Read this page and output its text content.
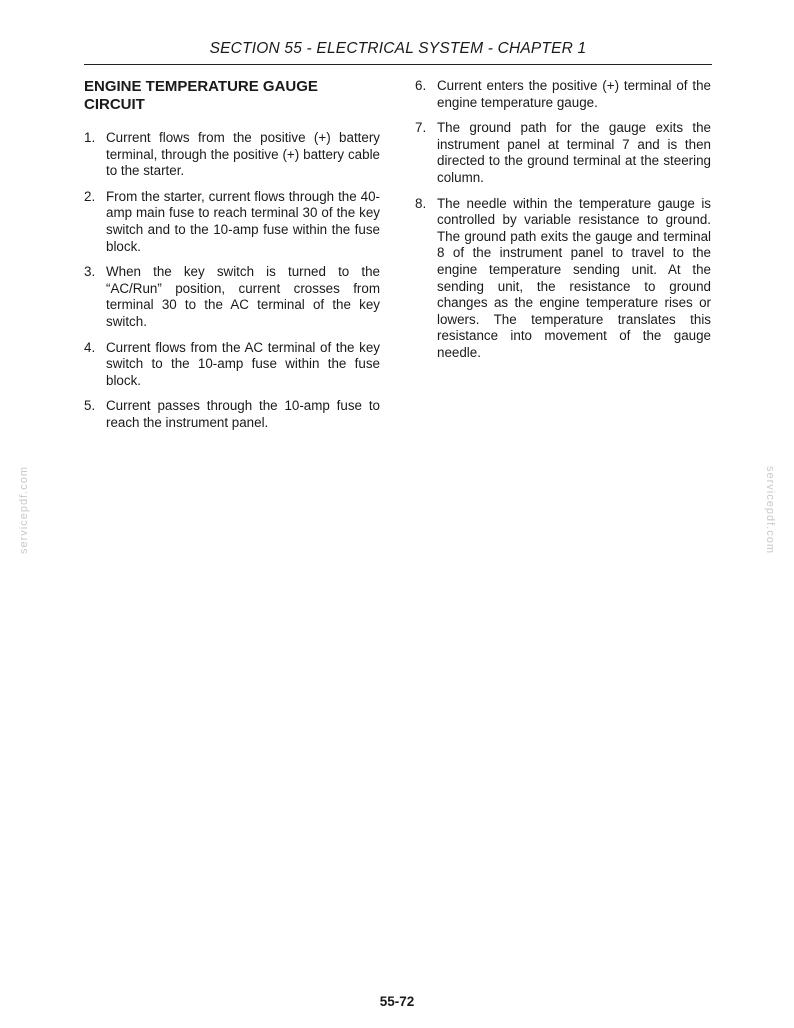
SECTION 55 - ELECTRICAL SYSTEM - CHAPTER 1
ENGINE TEMPERATURE GAUGE CIRCUIT
1. Current flows from the positive (+) battery terminal, through the positive (+) battery cable to the starter.
2. From the starter, current flows through the 40-amp main fuse to reach terminal 30 of the key switch and to the 10-amp fuse within the fuse block.
3. When the key switch is turned to the “AC/Run” position, current crosses from terminal 30 to the AC terminal of the key switch.
4. Current flows from the AC terminal of the key switch to the 10-amp fuse within the fuse block.
5. Current passes through the 10-amp fuse to reach the instrument panel.
6. Current enters the positive (+) terminal of the engine temperature gauge.
7. The ground path for the gauge exits the instrument panel at terminal 7 and is then directed to the ground terminal at the steering column.
8. The needle within the temperature gauge is controlled by variable resistance to ground. The ground path exits the gauge and terminal 8 of the instrument panel to travel to the engine temperature sending unit. At the sending unit, the resistance to ground changes as the engine temperature rises or lowers. The temperature translates this resistance into movement of the gauge needle.
servicepdf.com	servicepdf.com
55-72
